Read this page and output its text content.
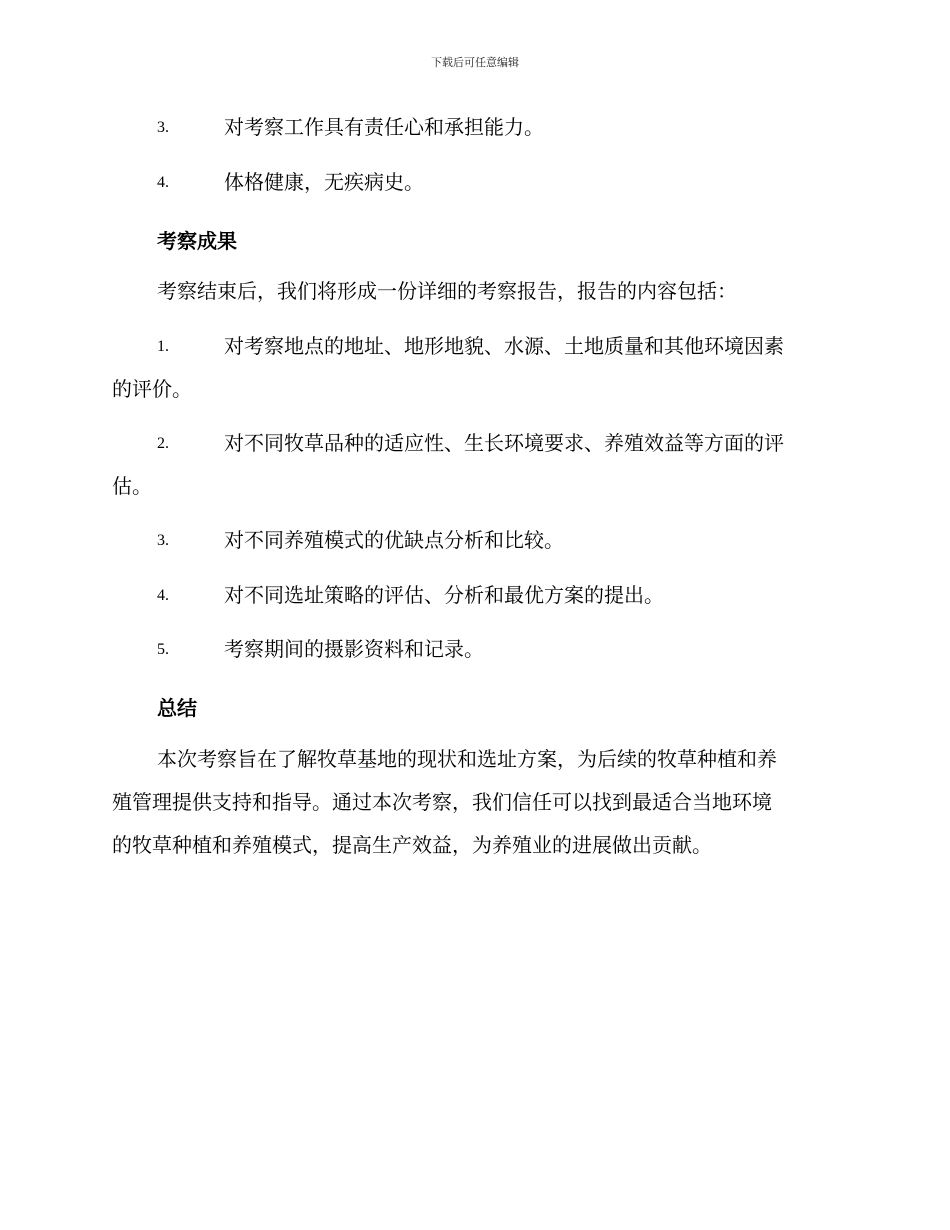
下载后可任意编辑
3.	对考察工作具有责任心和承担能力。
4.	体格健康，无疾病史。
考察成果
考察结束后，我们将形成一份详细的考察报告，报告的内容包括：
1.	对考察地点的地址、地形地貌、水源、土地质量和其他环境因素
的评价。
2.	对不同牧草品种的适应性、生长环境要求、养殖效益等方面的评
估。
3.	对不同养殖模式的优缺点分析和比较。
4.	对不同选址策略的评估、分析和最优方案的提出。
5.	考察期间的摄影资料和记录。
总结
本次考察旨在了解牧草基地的现状和选址方案，为后续的牧草种植和养
殖管理提供支持和指导。通过本次考察，我们信任可以找到最适合当地环境
的牧草种植和养殖模式，提高生产效益，为养殖业的进展做出贡献。
